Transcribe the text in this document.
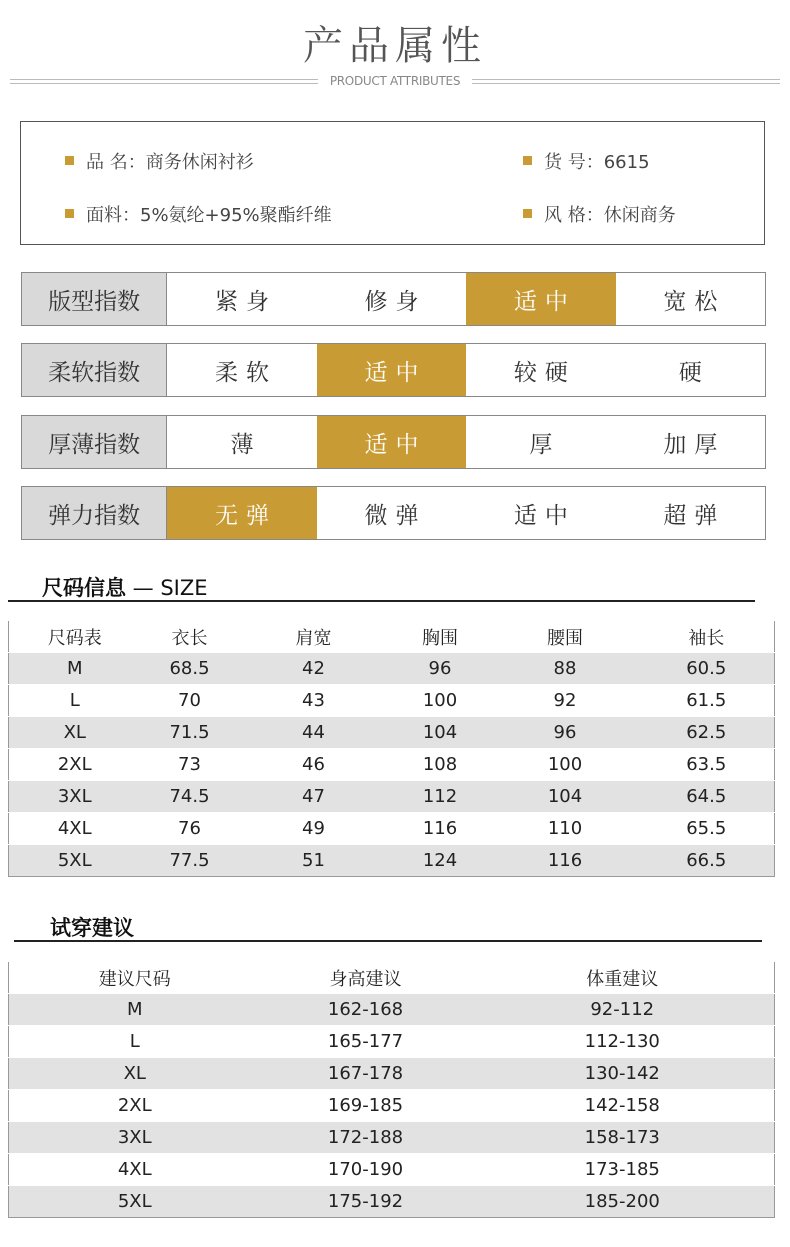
产品属性
PRODUCT ATTRIBUTES
品 名：商务休闲衬衫	货 号：6615
面料：5%氨纶+95%聚酯纤维	风 格：休闲商务
版型指数	紧身	修身	适中	宽松
柔软指数	柔软	适中	较硬	硬
厚薄指数	薄	适中	厚	加厚
弹力指数	无弹	微弹	适中	超弹
尺码信息 — SIZE
尺码表	衣长	肩宽	胸围	腰围	袖长
M	68.5	42	96	88	60.5
L	70	43	100	92	61.5
XL	71.5	44	104	96	62.5
2XL	73	46	108	100	63.5
3XL	74.5	47	112	104	64.5
4XL	76	49	116	110	65.5
5XL	77.5	51	124	116	66.5
试穿建议
建议尺码	身高建议	体重建议
M	162-168	92-112
L	165-177	112-130
XL	167-178	130-142
2XL	169-185	142-158
3XL	172-188	158-173
4XL	170-190	173-185
5XL	175-192	185-200
